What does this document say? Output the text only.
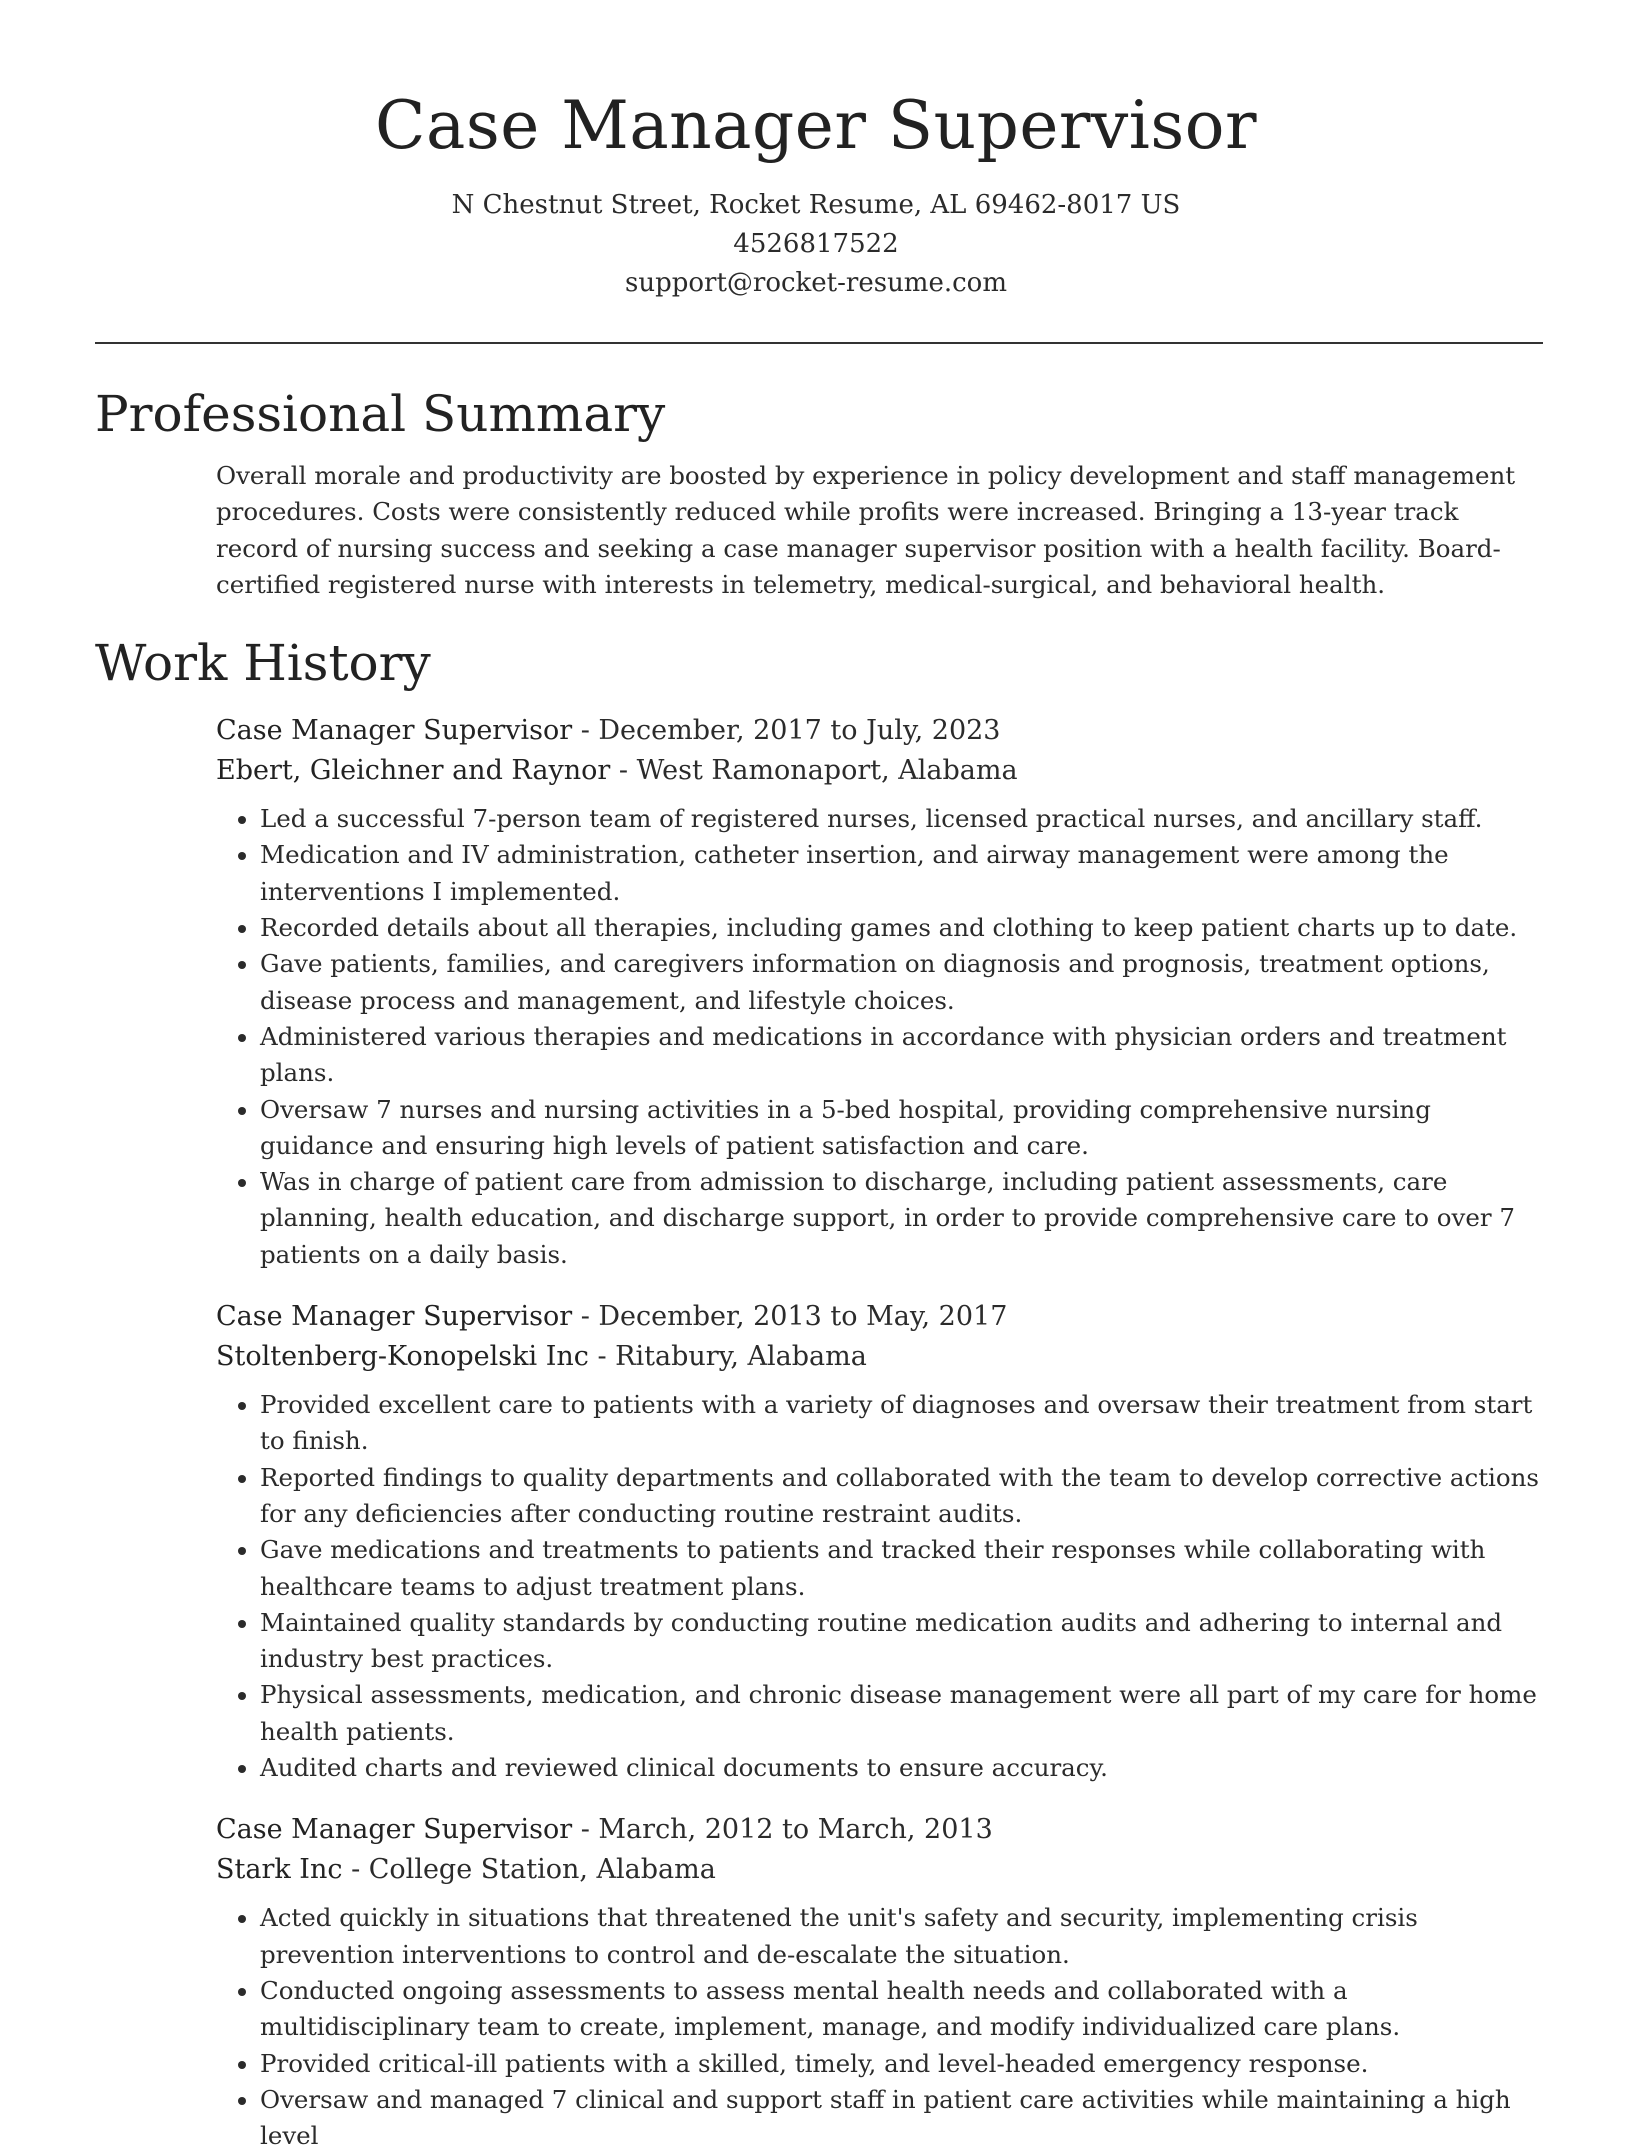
Case Manager Supervisor
N Chestnut Street, Rocket Resume, AL 69462-8017 US
4526817522
support@rocket-resume.com
Professional Summary

Overall morale and productivity are boosted by experience in policy development and staff management procedures. Costs were consistently reduced while profits were increased. Bringing a 13-year track record of nursing success and seeking a case manager supervisor position with a health facility. Board-certified registered nurse with interests in telemetry, medical-surgical, and behavioral health.

Work History
Case Manager Supervisor - December, 2017 to July, 2023
Ebert, Gleichner and Raynor - West Ramonaport, Alabama
• Led a successful 7-person team of registered nurses, licensed practical nurses, and ancillary staff.
• Medication and IV administration, catheter insertion, and airway management were among the interventions I implemented.
• Recorded details about all therapies, including games and clothing to keep patient charts up to date.
• Gave patients, families, and caregivers information on diagnosis and prognosis, treatment options, disease process and management, and lifestyle choices.
• Administered various therapies and medications in accordance with physician orders and treatment plans.
• Oversaw 7 nurses and nursing activities in a 5-bed hospital, providing comprehensive nursing guidance and ensuring high levels of patient satisfaction and care.
• Was in charge of patient care from admission to discharge, including patient assessments, care planning, health education, and discharge support, in order to provide comprehensive care to over 7 patients on a daily basis.
Case Manager Supervisor - December, 2013 to May, 2017
Stoltenberg-Konopelski Inc - Ritabury, Alabama
• Provided excellent care to patients with a variety of diagnoses and oversaw their treatment from start to finish.
• Reported findings to quality departments and collaborated with the team to develop corrective actions for any deficiencies after conducting routine restraint audits.
• Gave medications and treatments to patients and tracked their responses while collaborating with healthcare teams to adjust treatment plans.
• Maintained quality standards by conducting routine medication audits and adhering to internal and industry best practices.
• Physical assessments, medication, and chronic disease management were all part of my care for home health patients.
• Audited charts and reviewed clinical documents to ensure accuracy.
Case Manager Supervisor - March, 2012 to March, 2013
Stark Inc - College Station, Alabama
• Acted quickly in situations that threatened the unit's safety and security, implementing crisis prevention interventions to control and de-escalate the situation.
• Conducted ongoing assessments to assess mental health needs and collaborated with a multidisciplinary team to create, implement, manage, and modify individualized care plans.
• Provided critical-ill patients with a skilled, timely, and level-headed emergency response.
• Oversaw and managed 7 clinical and support staff in patient care activities while maintaining a high level
